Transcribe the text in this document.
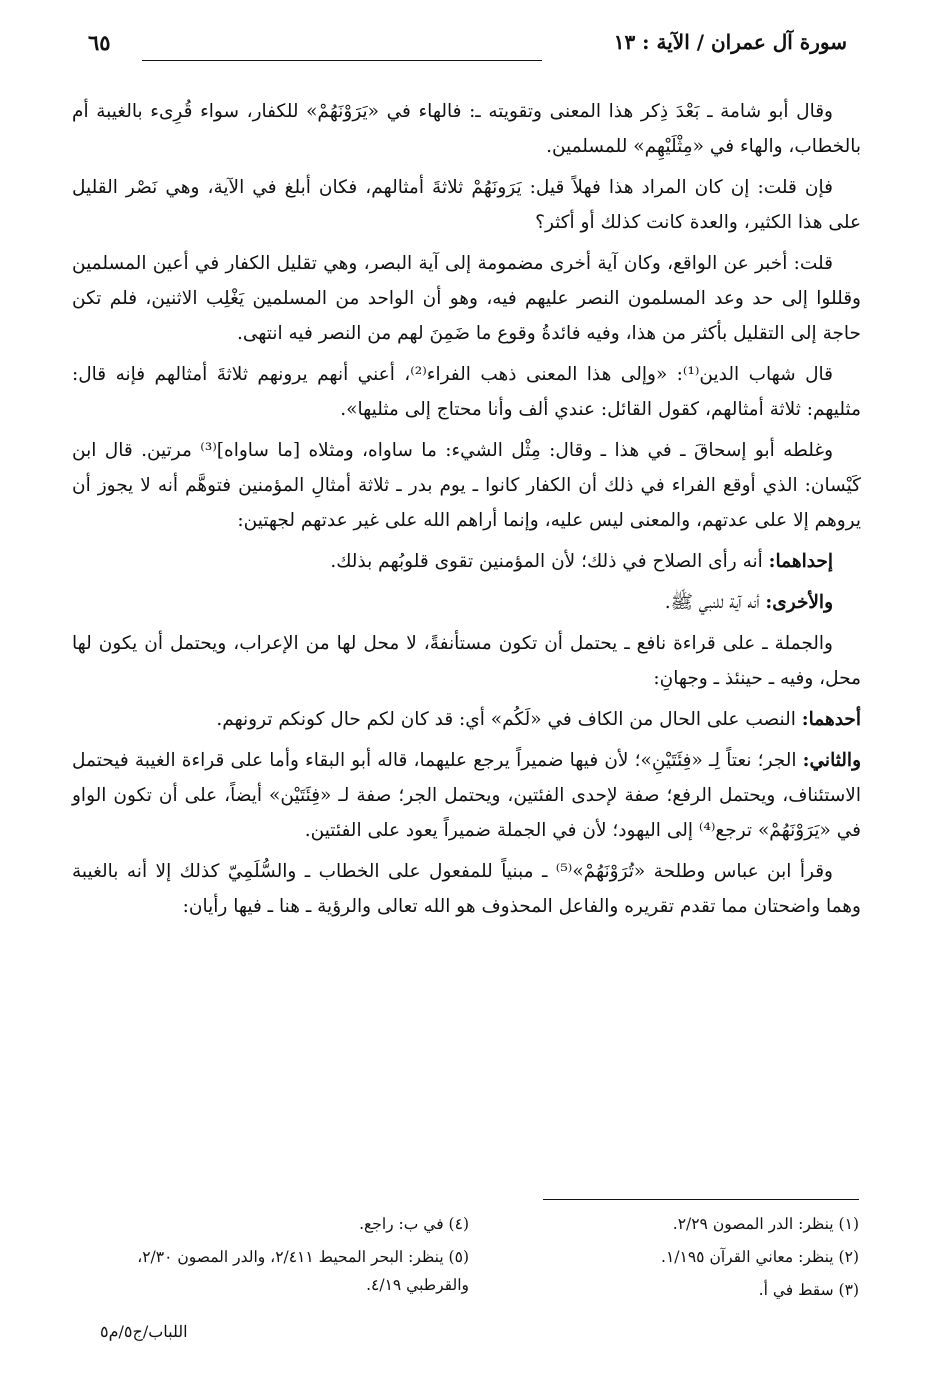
سورة آل عمران / الآية : ١٣
٦٥

وقال أبو شامة ـ بَعْدَ ذِكر هذا المعنى وتقويته ـ: فالهاء في «يَرَوْنَهُمْ» للكفار، سواء قُرِىء بالغيبة أم بالخطاب، والهاء في «مِثْلَيْهِم» للمسلمين.

فإن قلت: إن كان المراد هذا فهلاً قيل: يَرَونَهُمْ ثلاثةَ أمثالهم، فكان أبلغ في الآية، وهي نَصْر القليل على هذا الكثير، والعدة كانت كذلك أو أكثر؟

قلت: أخبر عن الواقع، وكان آية أخرى مضمومة إلى آية البصر، وهي تقليل الكفار في أعين المسلمين وقللوا إلى حد وعد المسلمون النصر عليهم فيه، وهو أن الواحد من المسلمين يَغْلِب الاثنين، فلم تكن حاجة إلى التقليل بأكثر من هذا، وفيه فائدةُ وقوع ما ضَمِنَ لهم من النصر فيه انتهى.

قال شهاب الدين⁽¹⁾: «وإلى هذا المعنى ذهب الفراء⁽²⁾، أعني أنهم يرونهم ثلاثةَ أمثالهم فإنه قال: مثليهم: ثلاثة أمثالهم، كقول القائل: عندي ألف وأنا محتاج إلى مثليها».

وغلطه أبو إسحاقَ ـ في هذا ـ وقال: مِثْل الشيء: ما ساواه، ومثلاه [ما ساواه]⁽³⁾ مرتين. قال ابن كَيْسان: الذي أوقع الفراء في ذلك أن الكفار كانوا ـ يوم بدر ـ ثلاثة أمثالِ المؤمنين فتوهَّم أنه لا يجوز أن يروهم إلا على عدتهم، والمعنى ليس عليه، وإنما أراهم الله على غير عدتهم لجهتين:

إحداهما: أنه رأى الصلاح في ذلك؛ لأن المؤمنين تقوى قلوبُهم بذلك.

والأخرى: أنه آية للنبي ﷺ.

والجملة ـ على قراءة نافع ـ يحتمل أن تكون مستأنفةً، لا محل لها من الإعراب، ويحتمل أن يكون لها محل، وفيه ـ حينئذ ـ وجهانِ:

أحدهما: النصب على الحال من الكاف في «لَكُم» أي: قد كان لكم حال كونكم ترونهم.

والثاني: الجر؛ نعتاً لِـ «فِئَتَيْنِ»؛ لأن فيها ضميراً يرجع عليهما، قاله أبو البقاء وأما على قراءة الغيبة فيحتمل الاستئناف، ويحتمل الرفع؛ صفة لإحدى الفئتين، ويحتمل الجر؛ صفة لـ «فِئَتَيْن» أيضاً، على أن تكون الواو في «يَرَوْنَهُمْ» ترجع⁽⁴⁾ إلى اليهود؛ لأن في الجملة ضميراً يعود على الفئتين.

وقرأ ابن عباس وطلحة «تُرَوْنَهُمْ»⁽⁵⁾ ـ مبنياً للمفعول على الخطاب ـ والسُّلَمِيّ كذلك إلا أنه بالغيبة وهما واضحتان مما تقدم تقريره والفاعل المحذوف هو الله تعالى والرؤية ـ هنا ـ فيها رأيان:

(١) ينظر: الدر المصون ٢/٢٩.
(٢) ينظر: معاني القرآن ١/١٩٥.
(٣) سقط في أ.
(٤) في ب: راجع.
(٥) ينظر: البحر المحيط ٢/٤١١، والدر المصون ٢/٣٠، والقرطبي ٤/١٩.
اللباب/ج٥/م٥
